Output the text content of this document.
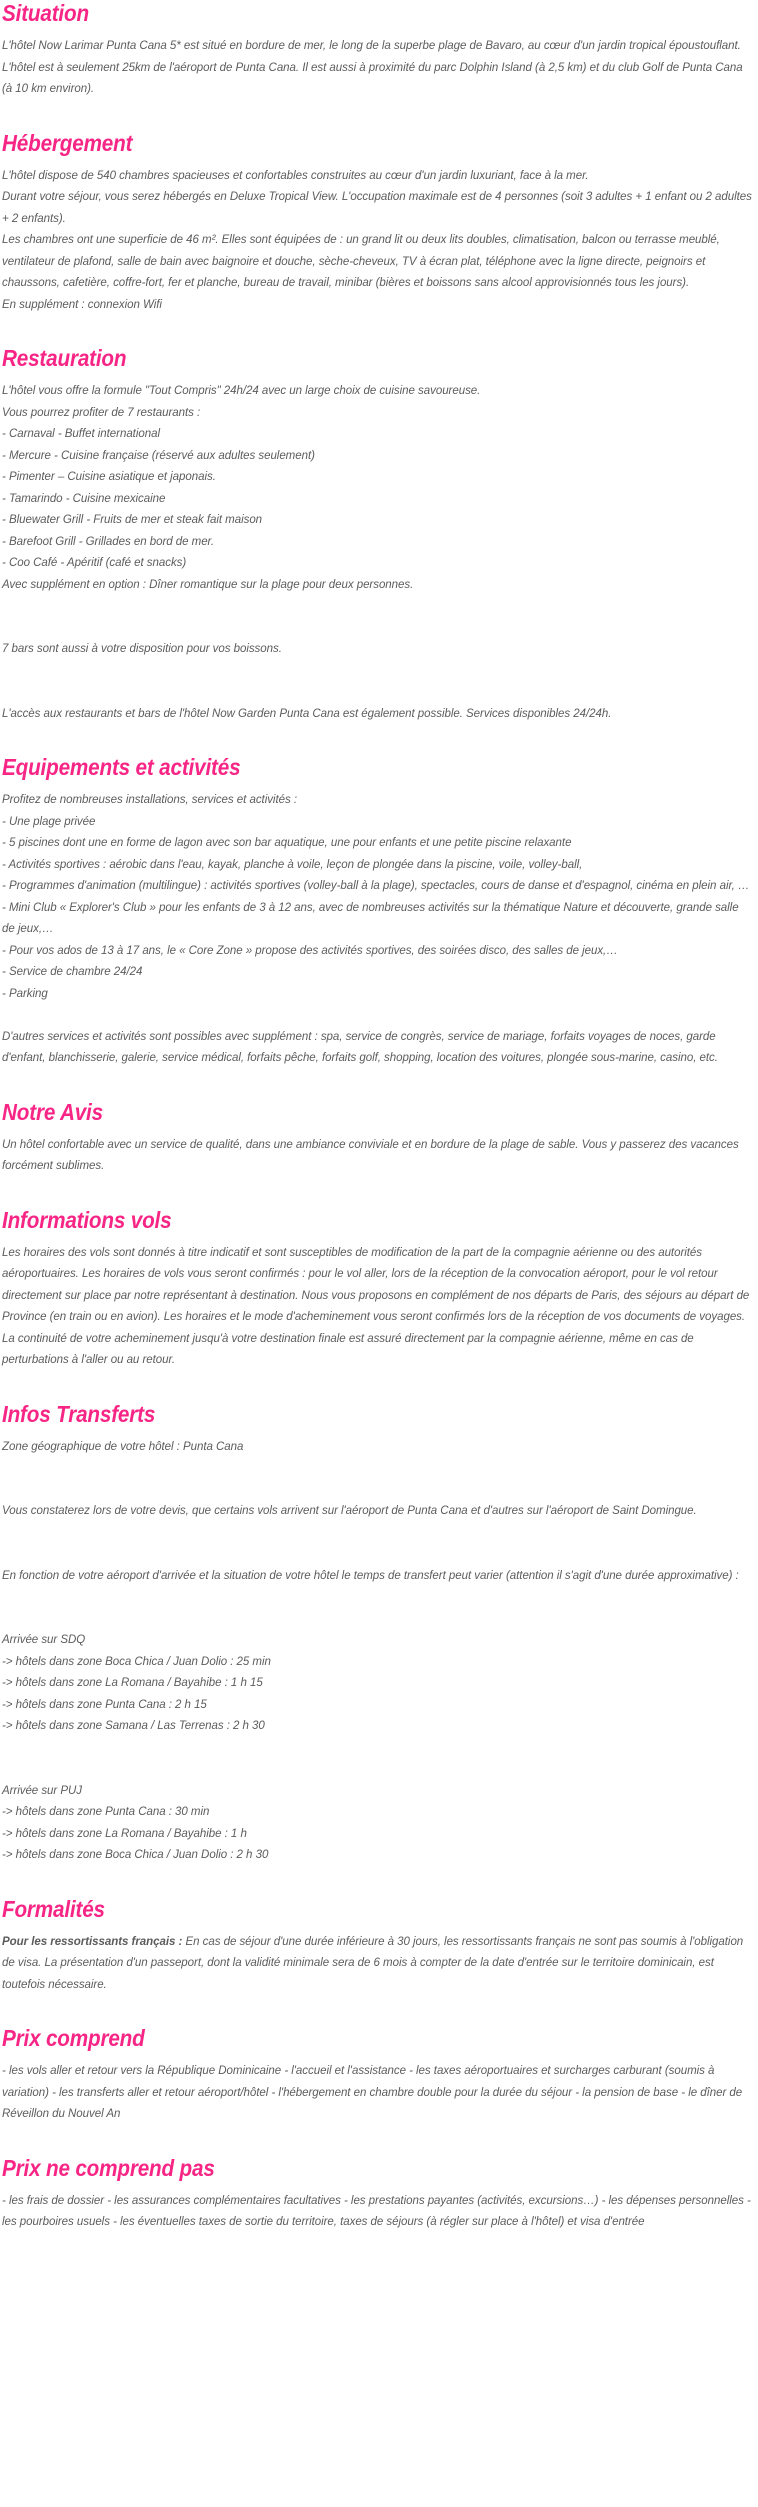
Situation

L'hôtel Now Larimar Punta Cana 5* est situé en bordure de mer, le long de la superbe plage de Bavaro, au cœur d'un jardin tropical époustouflant. L'hôtel est à seulement 25km de l'aéroport de Punta Cana. Il est aussi à proximité du parc Dolphin Island (à 2,5 km) et du club Golf de Punta Cana (à 10 km environ).

Hébergement
L'hôtel dispose de 540 chambres spacieuses et confortables construites au cœur d'un jardin luxuriant, face à la mer.
Durant votre séjour, vous serez hébergés en Deluxe Tropical View. L'occupation maximale est de 4 personnes (soit 3 adultes + 1 enfant ou 2 adultes + 2 enfants).
Les chambres ont une superficie de 46 m². Elles sont équipées de : un grand lit ou deux lits doubles, climatisation, balcon ou terrasse meublé, ventilateur de plafond, salle de bain avec baignoire et douche, sèche-cheveux, TV à écran plat, téléphone avec la ligne directe, peignoirs et chaussons, cafetière, coffre-fort, fer et planche, bureau de travail, minibar (bières et boissons sans alcool approvisionnés tous les jours).
En supplément : connexion Wifi
Restauration
L'hôtel vous offre la formule "Tout Compris" 24h/24 avec un large choix de cuisine savoureuse.
Vous pourrez profiter de 7 restaurants :
- Carnaval - Buffet international
- Mercure - Cuisine française (réservé aux adultes seulement)
- Pimenter – Cuisine asiatique et japonais.
- Tamarindo - Cuisine mexicaine
- Bluewater Grill - Fruits de mer et steak fait maison
- Barefoot Grill - Grillades en bord de mer.
- Coo Café - Apéritif (café et snacks)
Avec supplément en option : Dîner romantique sur la plage pour deux personnes.
7 bars sont aussi à votre disposition pour vos boissons.
L'accès aux restaurants et bars de l'hôtel Now Garden Punta Cana est également possible. Services disponibles 24/24h.
Equipements et activités
Profitez de nombreuses installations, services et activités :
- Une plage privée
- 5 piscines dont une en forme de lagon avec son bar aquatique, une pour enfants et une petite piscine relaxante
- Activités sportives : aérobic dans l'eau, kayak, planche à voile, leçon de plongée dans la piscine, voile, volley-ball,
- Programmes d'animation (multilingue) : activités sportives (volley-ball à la plage), spectacles, cours de danse et d'espagnol, cinéma en plein air, …
- Mini Club « Explorer's Club » pour les enfants de 3 à 12 ans, avec de nombreuses activités sur la thématique Nature et découverte, grande salle de jeux,…
- Pour vos ados de 13 à 17 ans, le « Core Zone » propose des activités sportives, des soirées disco, des salles de jeux,…
- Service de chambre 24/24
- Parking
D'autres services et activités sont possibles avec supplément : spa, service de congrès, service de mariage, forfaits voyages de noces, garde d'enfant, blanchisserie, galerie, service médical, forfaits pêche, forfaits golf, shopping, location des voitures, plongée sous-marine, casino, etc.
Notre Avis

Un hôtel confortable avec un service de qualité, dans une ambiance conviviale et en bordure de la plage de sable. Vous y passerez des vacances forcément sublimes.

Informations vols

Les horaires des vols sont donnés à titre indicatif et sont susceptibles de modification de la part de la compagnie aérienne ou des autorités aéroportuaires. Les horaires de vols vous seront confirmés : pour le vol aller, lors de la réception de la convocation aéroport, pour le vol retour directement sur place par notre représentant à destination. Nous vous proposons en complément de nos départs de Paris, des séjours au départ de Province (en train ou en avion). Les horaires et le mode d'acheminement vous seront confirmés lors de la réception de vos documents de voyages. La continuité de votre acheminement jusqu'à votre destination finale est assuré directement par la compagnie aérienne, même en cas de perturbations à l'aller ou au retour.

Infos Transferts
Zone géographique de votre hôtel : Punta Cana
Vous constaterez lors de votre devis, que certains vols arrivent sur l'aéroport de Punta Cana et d'autres sur l'aéroport de Saint Domingue.
En fonction de votre aéroport d'arrivée et la situation de votre hôtel le temps de transfert peut varier (attention il s'agit d'une durée approximative) :
Arrivée sur SDQ
-> hôtels dans zone Boca Chica / Juan Dolio : 25 min
-> hôtels dans zone La Romana / Bayahibe : 1 h 15
-> hôtels dans zone Punta Cana : 2 h 15
-> hôtels dans zone Samana / Las Terrenas : 2 h 30
Arrivée sur PUJ
-> hôtels dans zone Punta Cana : 30 min
-> hôtels dans zone La Romana / Bayahibe : 1 h
-> hôtels dans zone Boca Chica / Juan Dolio : 2 h 30
Formalités

Pour les ressortissants français : En cas de séjour d'une durée inférieure à 30 jours, les ressortissants français ne sont pas soumis à l'obligation de visa. La présentation d'un passeport, dont la validité minimale sera de 6 mois à compter de la date d'entrée sur le territoire dominicain, est toutefois nécessaire.

Prix comprend

- les vols aller et retour vers la République Dominicaine - l'accueil et l'assistance - les taxes aéroportuaires et surcharges carburant (soumis à variation) - les transferts aller et retour aéroport/hôtel - l'hébergement en chambre double pour la durée du séjour - la pension de base - le dîner de Réveillon du Nouvel An

Prix ne comprend pas

- les frais de dossier - les assurances complémentaires facultatives - les prestations payantes (activités, excursions…) - les dépenses personnelles - les pourboires usuels - les éventuelles taxes de sortie du territoire, taxes de séjours (à régler sur place à l'hôtel) et visa d'entrée
